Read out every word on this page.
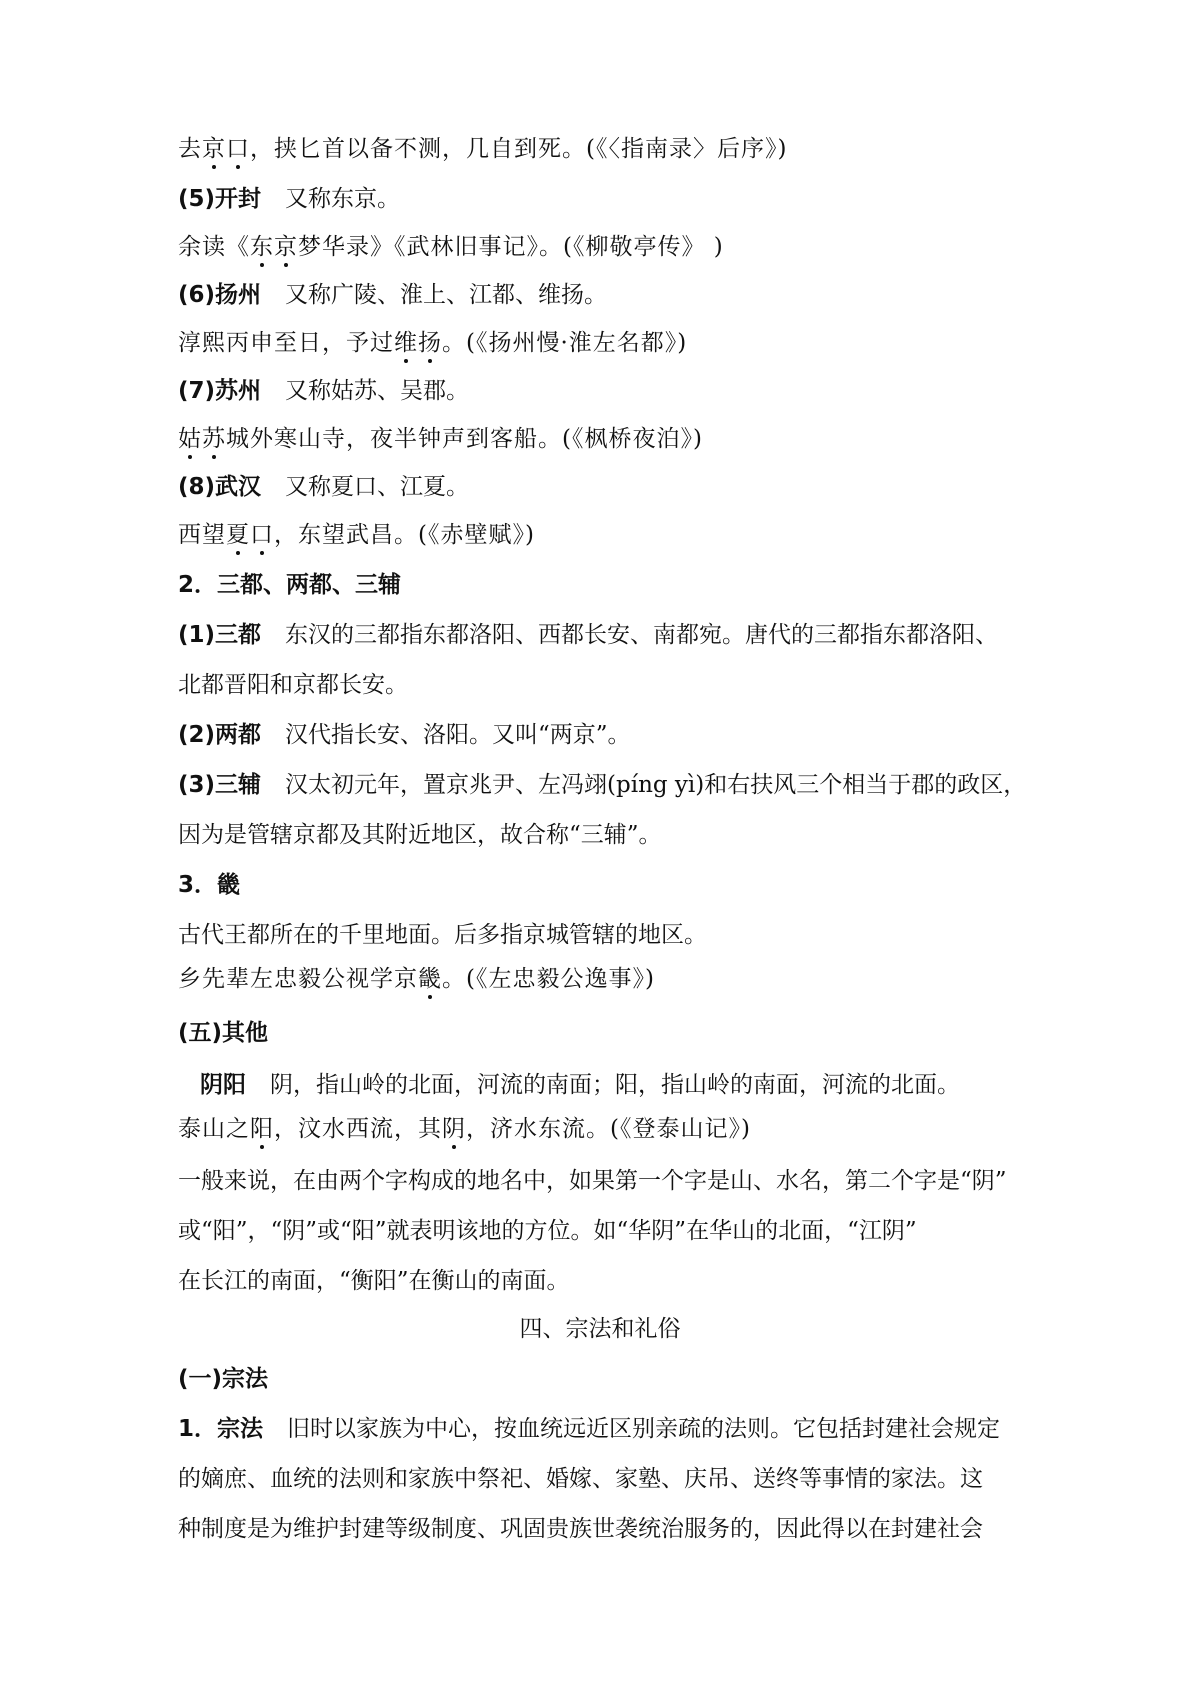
去京口，挟匕首以备不测，几自到死。(《〈指南录〉后序》)
(5)开封 又称东京。
余读《东京梦华录》《武林旧事记》。(《柳敬亭传》 )
(6)扬州 又称广陵、淮上、江都、维扬。
淳熙丙申至日，予过维扬。(《扬州慢·淮左名都》)
(7)苏州 又称姑苏、吴郡。
姑苏城外寒山寺，夜半钟声到客船。(《枫桥夜泊》)
(8)武汉 又称夏口、江夏。
西望夏口，东望武昌。(《赤壁赋》)
2．三都、两都、三辅
(1)三都 东汉的三都指东都洛阳、西都长安、南都宛。唐代的三都指东都洛阳、
北都晋阳和京都长安。
(2)两都 汉代指长安、洛阳。又叫“两京”。
(3)三辅 汉太初元年，置京兆尹、左冯翊(píng yì)和右扶风三个相当于郡的政区，
因为是管辖京都及其附近地区，故合称“三辅”。
3．畿
古代王都所在的千里地面。后多指京城管辖的地区。
乡先辈左忠毅公视学京畿。(《左忠毅公逸事》)
(五)其他
阴阳 阴，指山岭的北面，河流的南面；阳，指山岭的南面，河流的北面。
泰山之阳，汶水西流，其阴，济水东流。(《登泰山记》)
一般来说，在由两个字构成的地名中，如果第一个字是山、水名，第二个字是“阴”
或“阳”，“阴”或“阳”就表明该地的方位。如“华阴”在华山的北面，“江阴”
在长江的南面，“衡阳”在衡山的南面。
四、宗法和礼俗
(一)宗法
1．宗法 旧时以家族为中心，按血统远近区别亲疏的法则。它包括封建社会规定
的嫡庶、血统的法则和家族中祭祀、婚嫁、家塾、庆吊、送终等事情的家法。这
种制度是为维护封建等级制度、巩固贵族世袭统治服务的，因此得以在封建社会
